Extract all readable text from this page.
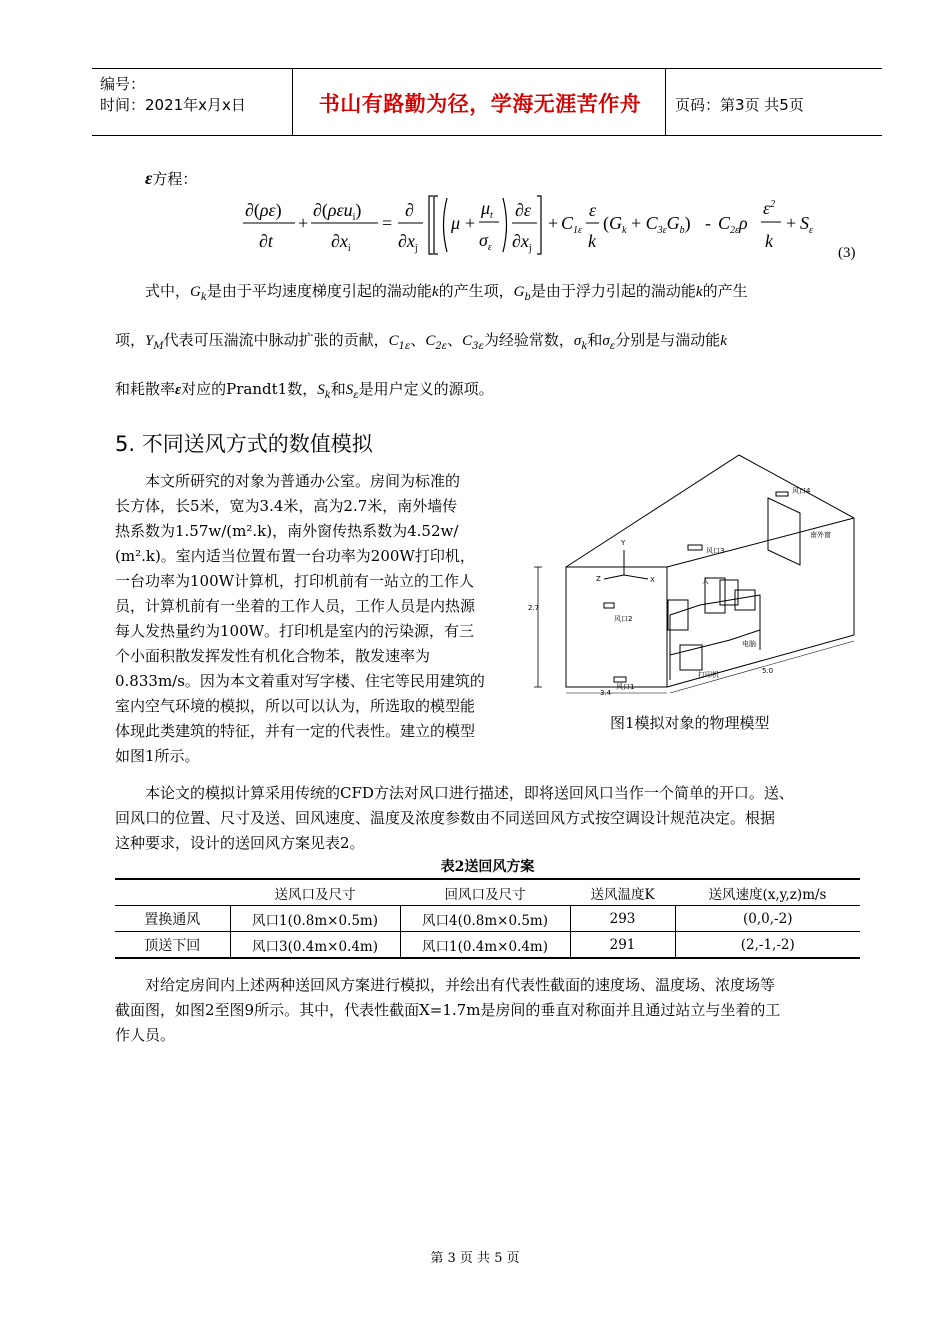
编号：
时间：2021年x月x日	书山有路勤为径，学海无涯苦作舟	页码：第3页 共5页
ε方程：
∂(ρε)
∂t
+
∂(ρεu$_i$)
$\partial x_i$
=
∂
$\partial x_j$
μ +
$\mu_t$
$\sigma_\varepsilon$
∂ε
$\partial x_j$
+ $C_{1\varepsilon}$
ε
k
$(G_k + C_{3\varepsilon}G_b) - C_{2\varepsilon}\rho$
$\varepsilon^2$
k
+ $S_\varepsilon$
(3)
式中，$G_k$是由于平均速度梯度引起的湍动能k的产生项，$G_b$是由于浮力引起的湍动能k的产生
项，$Y_M$代表可压湍流中脉动扩张的贡献，$C_{1\varepsilon}$、$C_{2\varepsilon}$、$C_{3\varepsilon}$为经验常数，$\sigma_k$和$\sigma_\varepsilon$分别是与湍动能k
和耗散率ε对应的Prandt1数，$S_k$和$S_\varepsilon$是用户定义的源项。
5. 不同送风方式的数值模拟
本文所研究的对象为普通办公室。房间为标准的
长方体，长5米，宽为3.4米，高为2.7米，南外墙传
热系数为1.57w/(m².k)，南外窗传热系数为4.52w/
(m².k)。室内适当位置布置一台功率为200W打印机，
一台功率为100W计算机，打印机前有一站立的工作人
员，计算机前有一坐着的工作人员，工作人员是内热源
每人发热量约为100W。打印机是室内的污染源，有三
个小面积散发挥发性有机化合物苯，散发速率为
0.833m/s。因为本文着重对写字楼、住宅等民用建筑的
室内空气环境的模拟，所以可以认为，所选取的模型能
体现此类建筑的特征，并有一定的代表性。建立的模型
如图1所示。
风口4
南外窗
风口3
风口2
风口1
人
电脑
打印机
Y
Z	X
2.7
3.4
5.0
图1模拟对象的物理模型
本论文的模拟计算采用传统的CFD方法对风口进行描述，即将送回风口当作一个简单的开口。送、
回风口的位置、尺寸及送、回风速度、温度及浓度参数由不同送回风方式按空调设计规范决定。根据
这种要求，设计的送回风方案见表2。
表2送回风方案
	送风口及尺寸	回风口及尺寸	送风温度K	送风速度(x,y,z)m/s
置换通风	风口1(0.8m×0.5m)	风口4(0.8m×0.5m)	293	(0,0,-2)
顶送下回	风口3(0.4m×0.4m)	风口1(0.4m×0.4m)	291	(2,-1,-2)
对给定房间内上述两种送回风方案进行模拟，并绘出有代表性截面的速度场、温度场、浓度场等
截面图，如图2至图9所示。其中，代表性截面X=1.7m是房间的垂直对称面并且通过站立与坐着的工
作人员。
第 3 页 共 5 页
